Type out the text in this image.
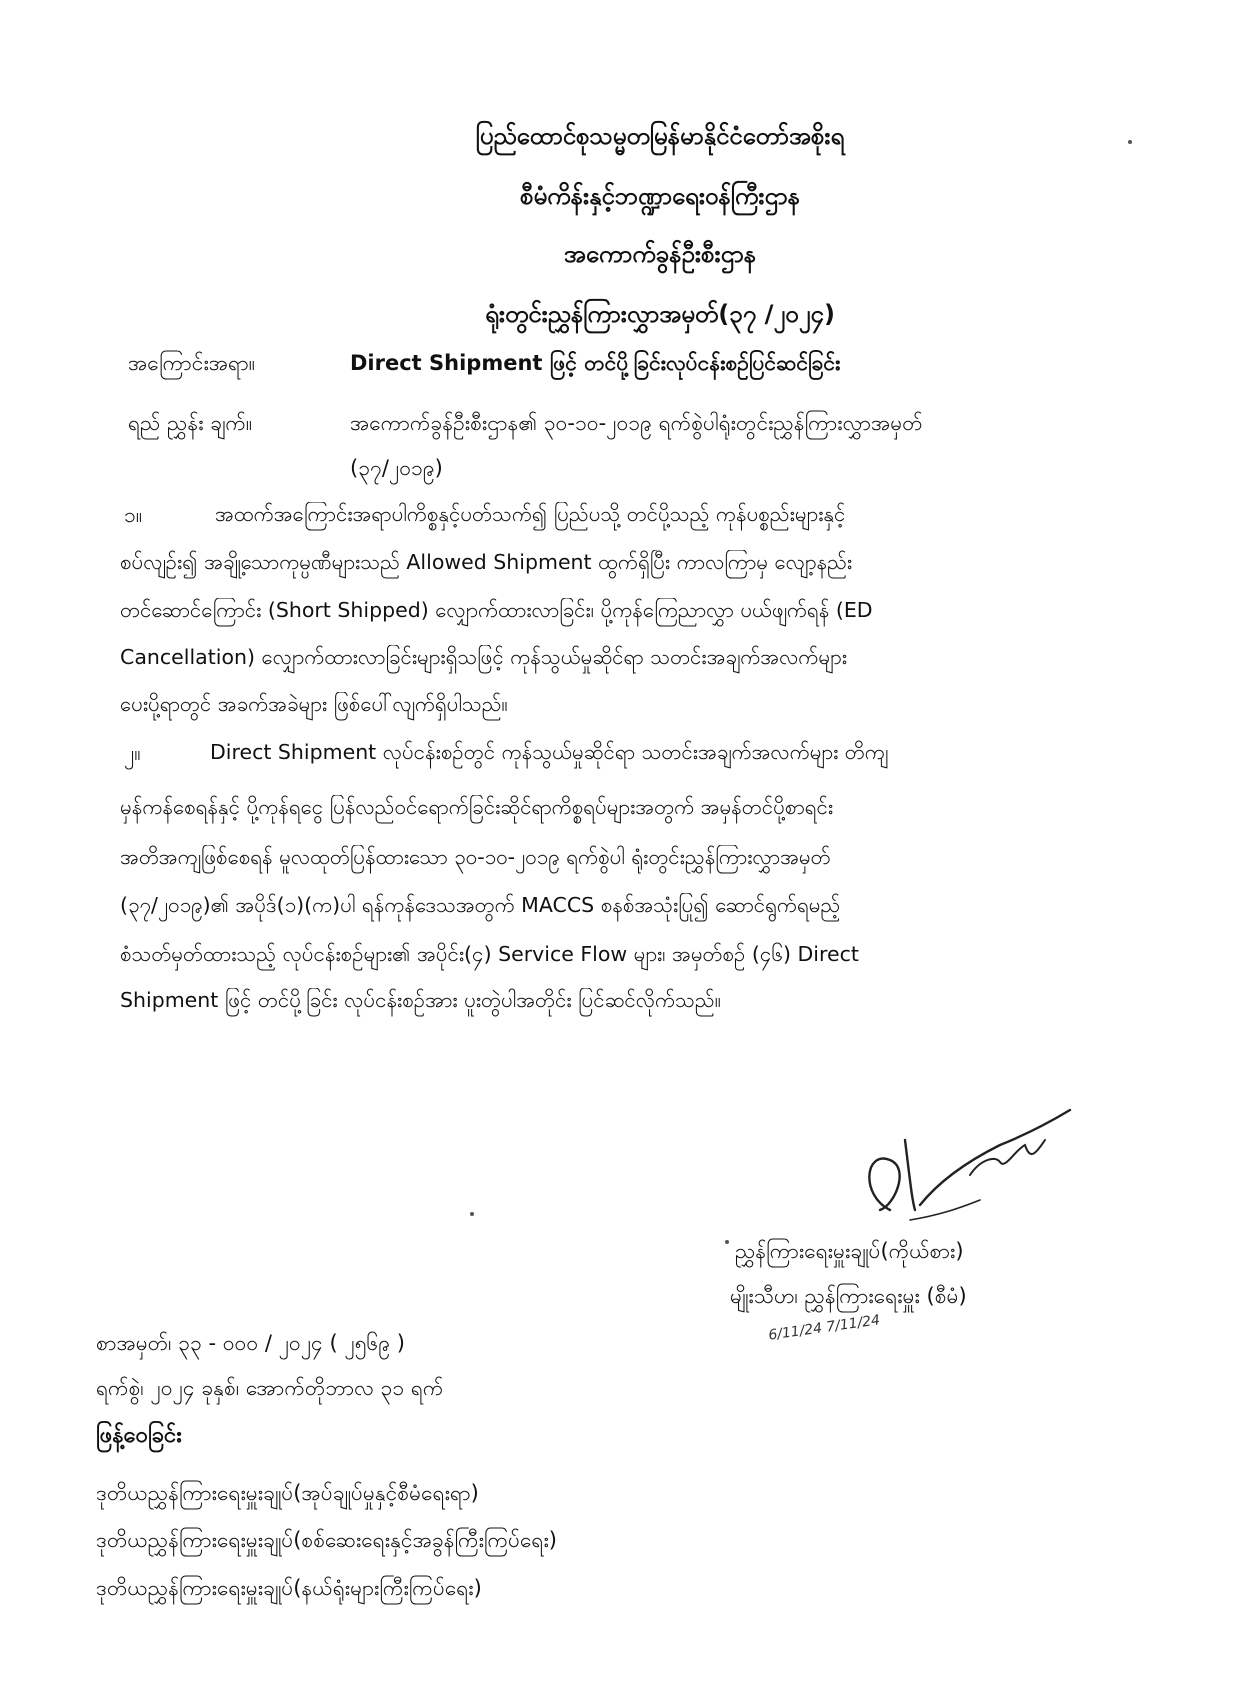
ပြည်ထောင်စုသမ္မတမြန်မာနိုင်ငံတော်အစိုးရ
စီမံကိန်းနှင့်ဘဏ္ဍာရေးဝန်ကြီးဌာန
အကောက်ခွန်ဦးစီးဌာန
ရုံးတွင်းညွှန်ကြားလွှာအမှတ်(၃၇ /၂၀၂၄)
အကြောင်းအရာ။	Direct Shipment ဖြင့် တင်ပို့ခြင်းလုပ်ငန်းစဉ်ပြင်ဆင်ခြင်း
ရည် ညွှန်း ချက်။	အကောက်ခွန်ဦးစီးဌာန၏ ၃၀-၁၀-၂၀၁၉ ရက်စွဲပါရုံးတွင်းညွှန်ကြားလွှာအမှတ်
(၃၇/၂၀၁၉)
၁။	အထက်အကြောင်းအရာပါကိစ္စနှင့်ပတ်သက်၍ ပြည်ပသို့ တင်ပို့သည့် ကုန်ပစ္စည်းများနှင့်
စပ်လျဉ်း၍ အချို့သောကုမ္ပဏီများသည် Allowed Shipment ထွက်ရှိပြီး ကာလကြာမှ လျော့နည်း
တင်ဆောင်ကြောင်း (Short Shipped) လျှောက်ထားလာခြင်း၊ ပို့ကုန်ကြေညာလွှာ ပယ်ဖျက်ရန် (ED
Cancellation) လျှောက်ထားလာခြင်းများရှိသဖြင့် ကုန်သွယ်မှုဆိုင်ရာ သတင်းအချက်အလက်များ
ပေးပို့ရာတွင် အခက်အခဲများ ဖြစ်ပေါ်လျက်ရှိပါသည်။
၂။	Direct Shipment လုပ်ငန်းစဉ်တွင် ကုန်သွယ်မှုဆိုင်ရာ သတင်းအချက်အလက်များ တိကျ
မှန်ကန်စေရန်နှင့် ပို့ကုန်ရငွေ ပြန်လည်ဝင်ရောက်ခြင်းဆိုင်ရာကိစ္စရပ်များအတွက် အမှန်တင်ပို့စာရင်း
အတိအကျဖြစ်စေရန် မူလထုတ်ပြန်ထားသော ၃၀-၁၀-၂၀၁၉ ရက်စွဲပါ ရုံးတွင်းညွှန်ကြားလွှာအမှတ်
(၃၇/၂၀၁၉)၏ အပိုဒ်(၁)(က)ပါ ရန်ကုန်ဒေသအတွက် MACCS စနစ်အသုံးပြု၍ ဆောင်ရွက်ရမည့်
စံသတ်မှတ်ထားသည့် လုပ်ငန်းစဉ်များ၏ အပိုင်း(၄) Service Flow များ၊ အမှတ်စဉ် (၄၆) Direct
Shipment ဖြင့် တင်ပို့ခြင်း လုပ်ငန်းစဉ်အား ပူးတွဲပါအတိုင်း ပြင်ဆင်လိုက်သည်။
ညွှန်ကြားရေးမှူးချုပ်(ကိုယ်စား)
မျိုးသီဟ၊ ညွှန်ကြားရေးမှူး (စီမံ)
6/11/24 7/11/24
စာအမှတ်၊ ၃၃ - ၀၀၀ / ၂၀၂၄ ( ၂၅၆၉ )
ရက်စွဲ၊ ၂၀၂၄ ခုနှစ်၊ အောက်တိုဘာလ ၃၁ ရက်
ဖြန့်ဝေခြင်း
ဒုတိယညွှန်ကြားရေးမှူးချုပ်(အုပ်ချုပ်မှုနှင့်စီမံရေးရာ)
ဒုတိယညွှန်ကြားရေးမှူးချုပ်(စစ်ဆေးရေးနှင့်အခွန်ကြီးကြပ်ရေး)
ဒုတိယညွှန်ကြားရေးမှူးချုပ်(နယ်ရုံးများကြီးကြပ်ရေး)
